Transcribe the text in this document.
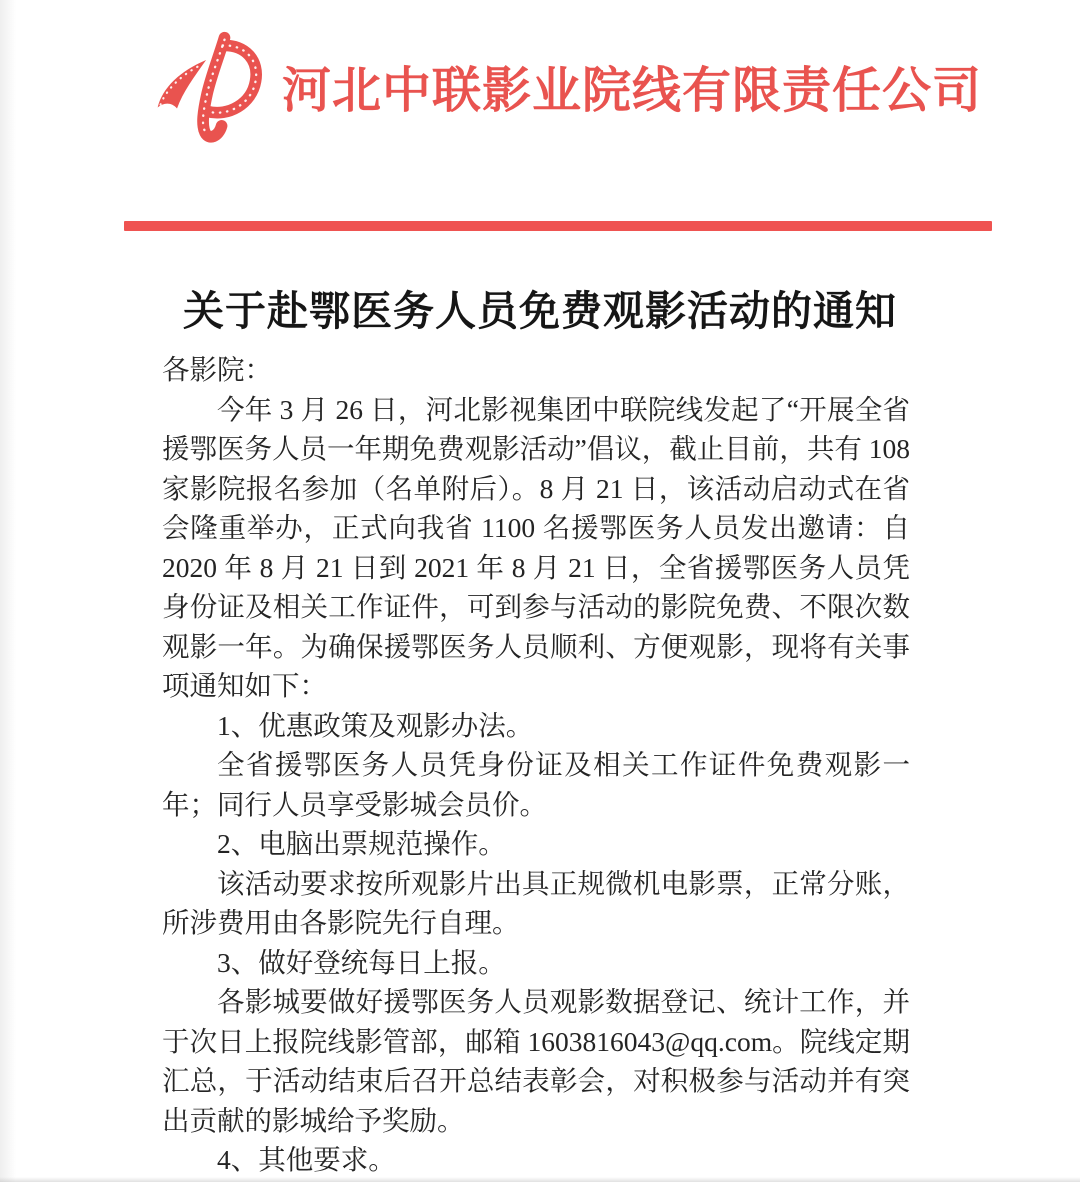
河北中联影业院线有限责任公司
关于赴鄂医务人员免费观影活动的通知

各影院：

今年 3 月 26 日，河北影视集团中联院线发起了“开展全省援鄂医务人员一年期免费观影活动”倡议，截止目前，共有 108 家影院报名参加（名单附后）。8 月 21 日，该活动启动式在省会隆重举办，正式向我省 1100 名援鄂医务人员发出邀请：自 2020 年 8 月 21 日到 2021 年 8 月 21 日，全省援鄂医务人员凭身份证及相关工作证件，可到参与活动的影院免费、不限次数观影一年。为确保援鄂医务人员顺利、方便观影，现将有关事项通知如下：

1、优惠政策及观影办法。

全省援鄂医务人员凭身份证及相关工作证件免费观影一年；同行人员享受影城会员价。

2、电脑出票规范操作。

该活动要求按所观影片出具正规微机电影票，正常分账，所涉费用由各影院先行自理。

3、做好登统每日上报。

各影城要做好援鄂医务人员观影数据登记、统计工作，并于次日上报院线影管部，邮箱 1603816043@qq.com。院线定期汇总，于活动结束后召开总结表彰会，对积极参与活动并有突出贡献的影城给予奖励。

4、其他要求。
